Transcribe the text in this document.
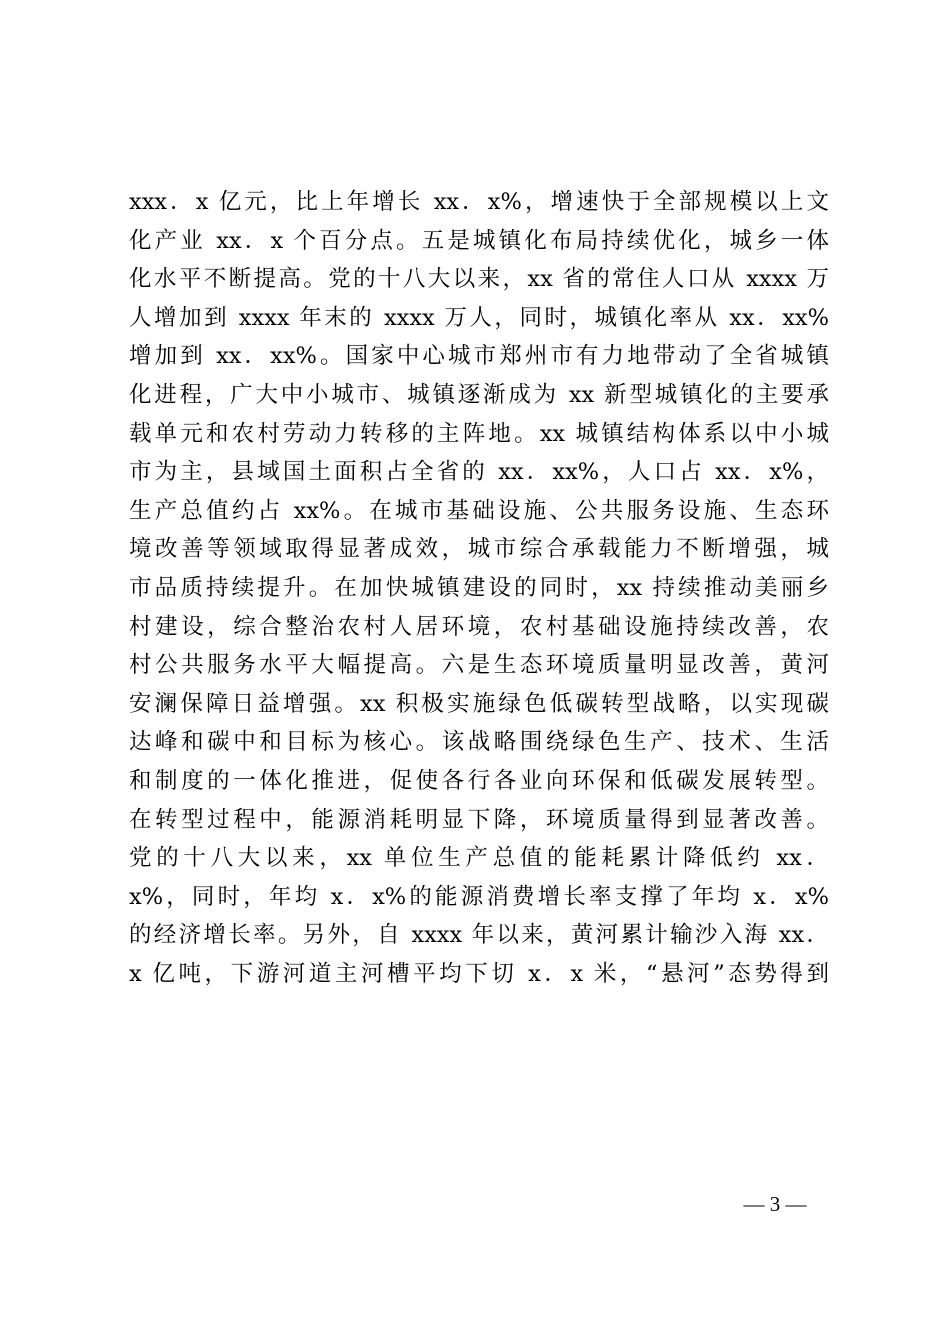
xxx．x 亿元，比上年增长 xx．x%，增速快于全部规模以上文
化产业 xx．x 个百分点。五是城镇化布局持续优化，城乡一体
化水平不断提高。党的十八大以来，xx 省的常住人口从 xxxx 万
人增加到 xxxx 年末的 xxxx 万人，同时，城镇化率从 xx．xx%
增加到 xx．xx%。国家中心城市郑州市有力地带动了全省城镇
化进程，广大中小城市、城镇逐渐成为 xx 新型城镇化的主要承
载单元和农村劳动力转移的主阵地。xx 城镇结构体系以中小城
市为主，县域国土面积占全省的 xx．xx%，人口占 xx．x%，
生产总值约占 xx%。在城市基础设施、公共服务设施、生态环
境改善等领域取得显著成效，城市综合承载能力不断增强，城
市品质持续提升。在加快城镇建设的同时，xx 持续推动美丽乡
村建设，综合整治农村人居环境，农村基础设施持续改善，农
村公共服务水平大幅提高。六是生态环境质量明显改善，黄河
安澜保障日益增强。xx 积极实施绿色低碳转型战略，以实现碳
达峰和碳中和目标为核心。该战略围绕绿色生产、技术、生活
和制度的一体化推进，促使各行各业向环保和低碳发展转型。
在转型过程中，能源消耗明显下降，环境质量得到显著改善。
党的十八大以来，xx 单位生产总值的能耗累计降低约 xx．
x%，同时，年均 x．x%的能源消费增长率支撑了年均 x．x%
的经济增长率。另外，自 xxxx 年以来，黄河累计输沙入海 xx．
x 亿吨，下游河道主河槽平均下切 x．x 米，“悬河”态势得到
— 3 —
